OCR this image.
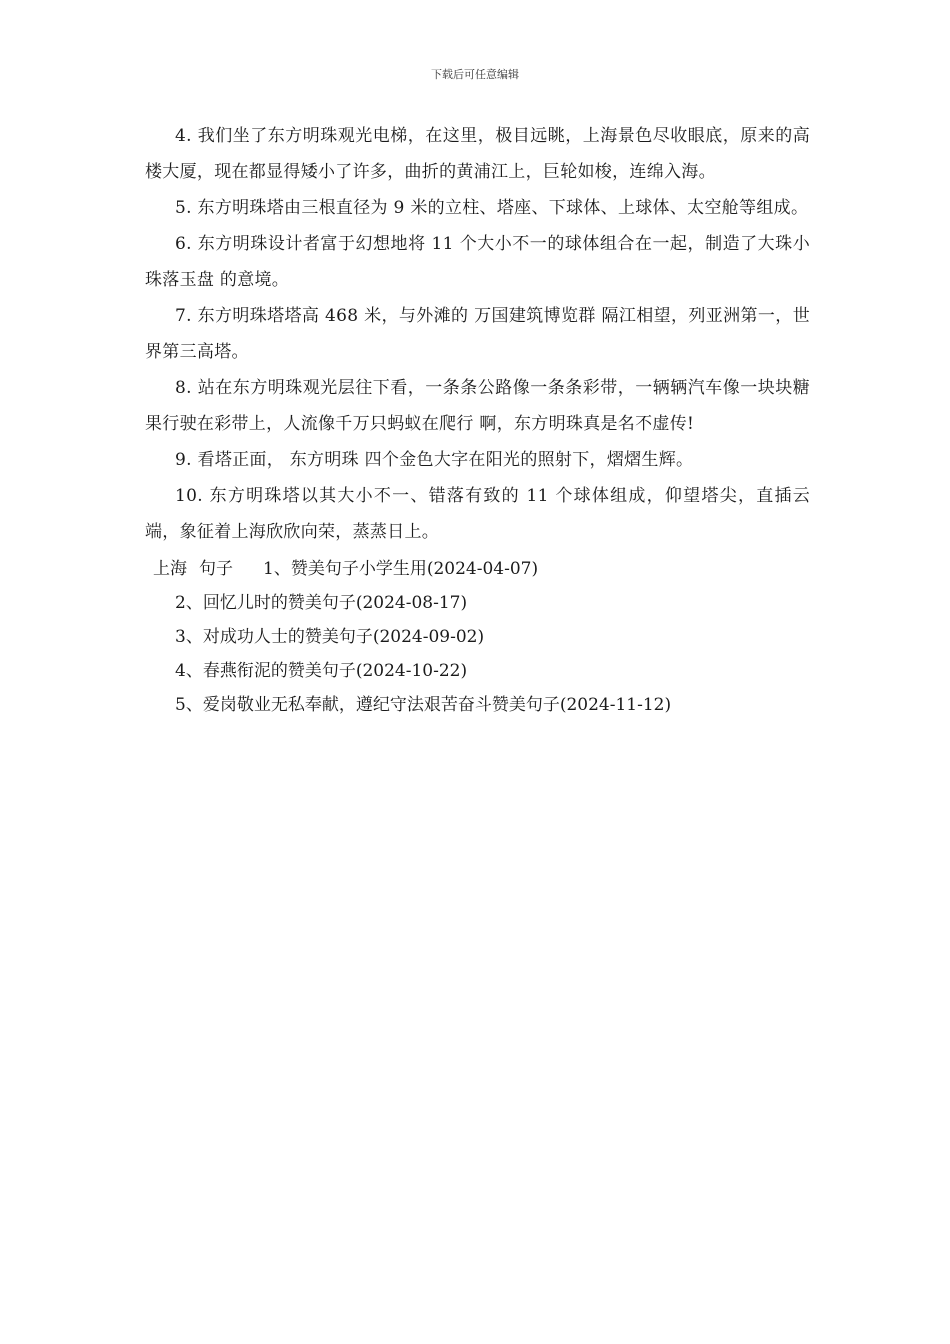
下载后可任意编辑

4. 我们坐了东方明珠观光电梯，在这里，极目远眺，上海景色尽收眼底，原来的高楼大厦，现在都显得矮小了许多，曲折的黄浦江上，巨轮如梭，连绵入海。

5. 东方明珠塔由三根直径为 9 米的立柱、塔座、下球体、上球体、太空舱等组成。

6. 东方明珠设计者富于幻想地将 11 个大小不一的球体组合在一起，制造了大珠小珠落玉盘 的意境。

7. 东方明珠塔塔高 468 米，与外滩的 万国建筑博览群 隔江相望，列亚洲第一，世界第三高塔。

8. 站在东方明珠观光层往下看，一条条公路像一条条彩带，一辆辆汽车像一块块糖果行驶在彩带上，人流像千万只蚂蚁在爬行 啊，东方明珠真是名不虚传!

9. 看塔正面， 东方明珠 四个金色大字在阳光的照射下，熠熠生辉。

10. 东方明珠塔以其大小不一、错落有致的 11 个球体组成，仰望塔尖，直插云端，象征着上海欣欣向荣，蒸蒸日上。

上海 句子 1、赞美句子小学生用(2024-04-07)

2、回忆儿时的赞美句子(2024-08-17)

3、对成功人士的赞美句子(2024-09-02)

4、春燕衔泥的赞美句子(2024-10-22)

5、爱岗敬业无私奉献，遵纪守法艰苦奋斗赞美句子(2024-11-12)
